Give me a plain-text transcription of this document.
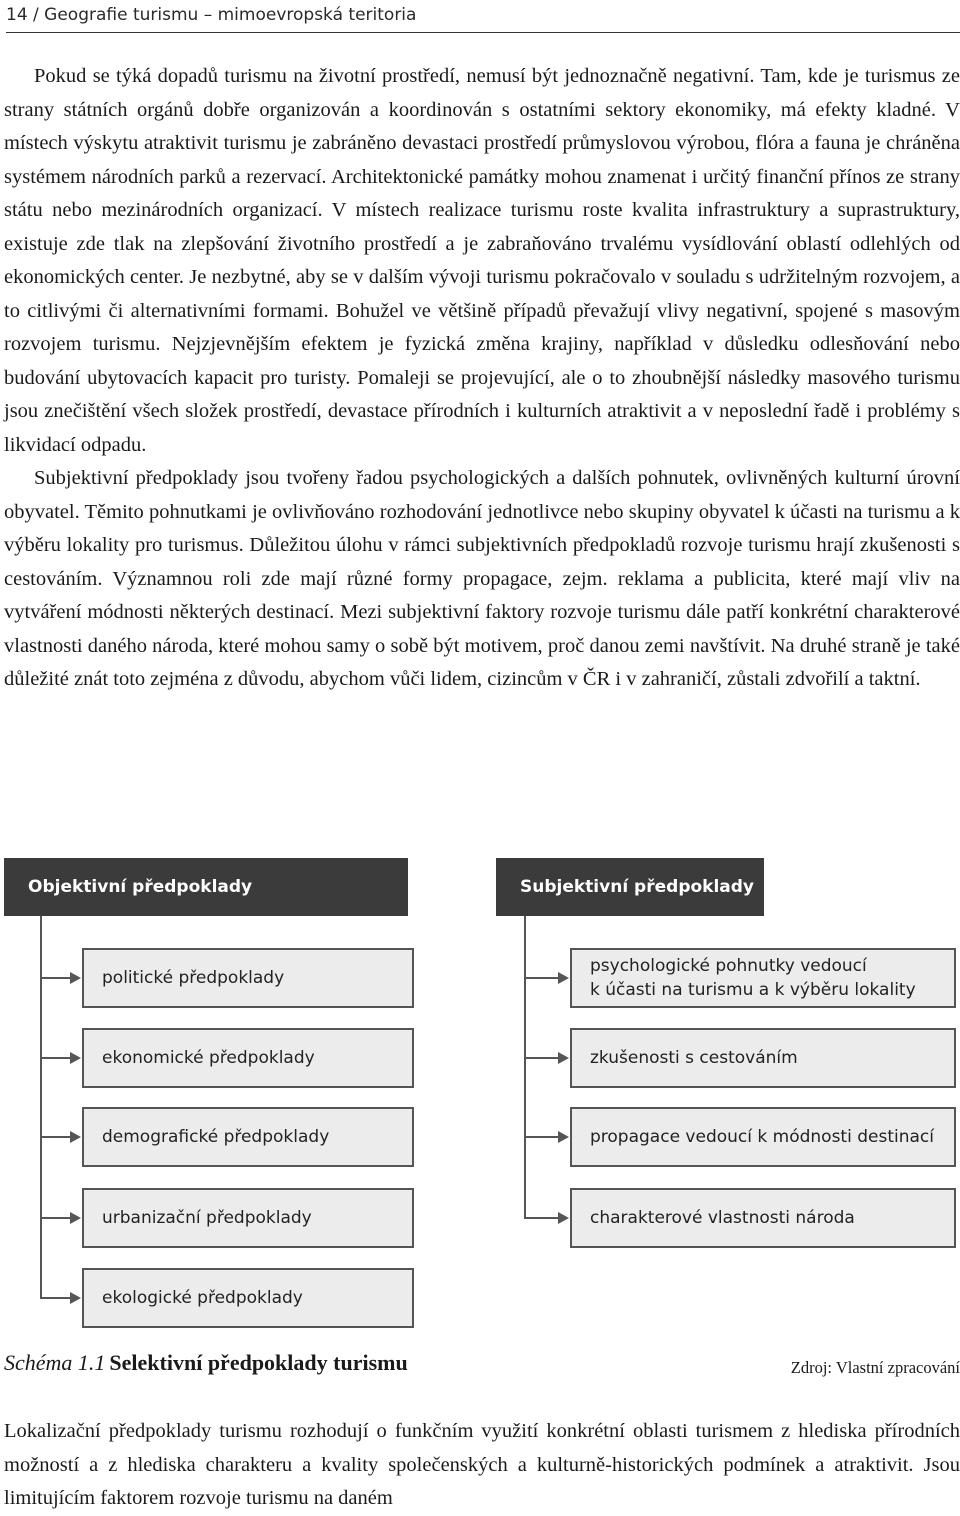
14 / Geografie turismu – mimoevropská teritoria

Pokud se týká dopadů turismu na životní prostředí, nemusí být jednoznačně negativní. Tam, kde je turismus ze strany státních orgánů dobře organizován a koordinován s ostatními sektory ekonomiky, má efekty kladné. V místech výskytu atraktivit turismu je zabráněno devastaci prostředí průmyslovou výrobou, flóra a fauna je chráněna systémem národních parků a rezervací. Architektonické památky mohou znamenat i určitý finanční přínos ze strany státu nebo mezinárodních organizací. V místech realizace turismu roste kvalita infrastruktury a suprastruktury, existuje zde tlak na zlepšování životního prostředí a je zabraňováno trvalému vysídlování oblastí odlehlých od ekonomických center. Je nezbytné, aby se v dalším vývoji turismu pokračovalo v souladu s udržitelným rozvojem, a to citlivými či alternativními formami. Bohužel ve většině případů převažují vlivy negativní, spojené s masovým rozvojem turismu. Nejzjevnějším efektem je fyzická změna krajiny, například v důsledku odlesňování nebo budování ubytovacích kapacit pro turisty. Pomaleji se projevující, ale o to zhoubnější následky masového turismu jsou znečištění všech složek prostředí, devastace přírodních i kulturních atraktivit a v neposlední řadě i problémy s likvidací odpadu.

Subjektivní předpoklady jsou tvořeny řadou psychologických a dalších pohnutek, ovlivněných kulturní úrovní obyvatel. Těmito pohnutkami je ovlivňováno rozhodování jednotlivce nebo skupiny obyvatel k účasti na turismu a k výběru lokality pro turismus. Důležitou úlohu v rámci subjektivních předpokladů rozvoje turismu hrají zkušenosti s cestováním. Významnou roli zde mají různé formy propagace, zejm. reklama a publicita, které mají vliv na vytváření módnosti některých destinací. Mezi subjektivní faktory rozvoje turismu dále patří konkrétní charakterové vlastnosti daného národa, které mohou samy o sobě být motivem, proč danou zemi navštívit. Na druhé straně je také důležité znát toto zejména z důvodu, abychom vůči lidem, cizincům v ČR i v zahraničí, zůstali zdvořilí a taktní.

Objektivní předpoklady
politické předpoklady
ekonomické předpoklady
demografické předpoklady
urbanizační předpoklady
ekologické předpoklady
Subjektivní předpoklady
psychologické pohnutky vedoucí
k účasti na turismu a k výběru lokality
zkušenosti s cestováním
propagace vedoucí k módnosti destinací
charakterové vlastnosti národa
Schéma 1.1 Selektivní předpoklady turismu	Zdroj: Vlastní zpracování

Lokalizační předpoklady turismu rozhodují o funkčním využití konkrétní oblasti turismem z hlediska přírodních možností a z hlediska charakteru a kvality společenských a kulturně-historických podmínek a atraktivit. Jsou limitujícím faktorem rozvoje turismu na daném
